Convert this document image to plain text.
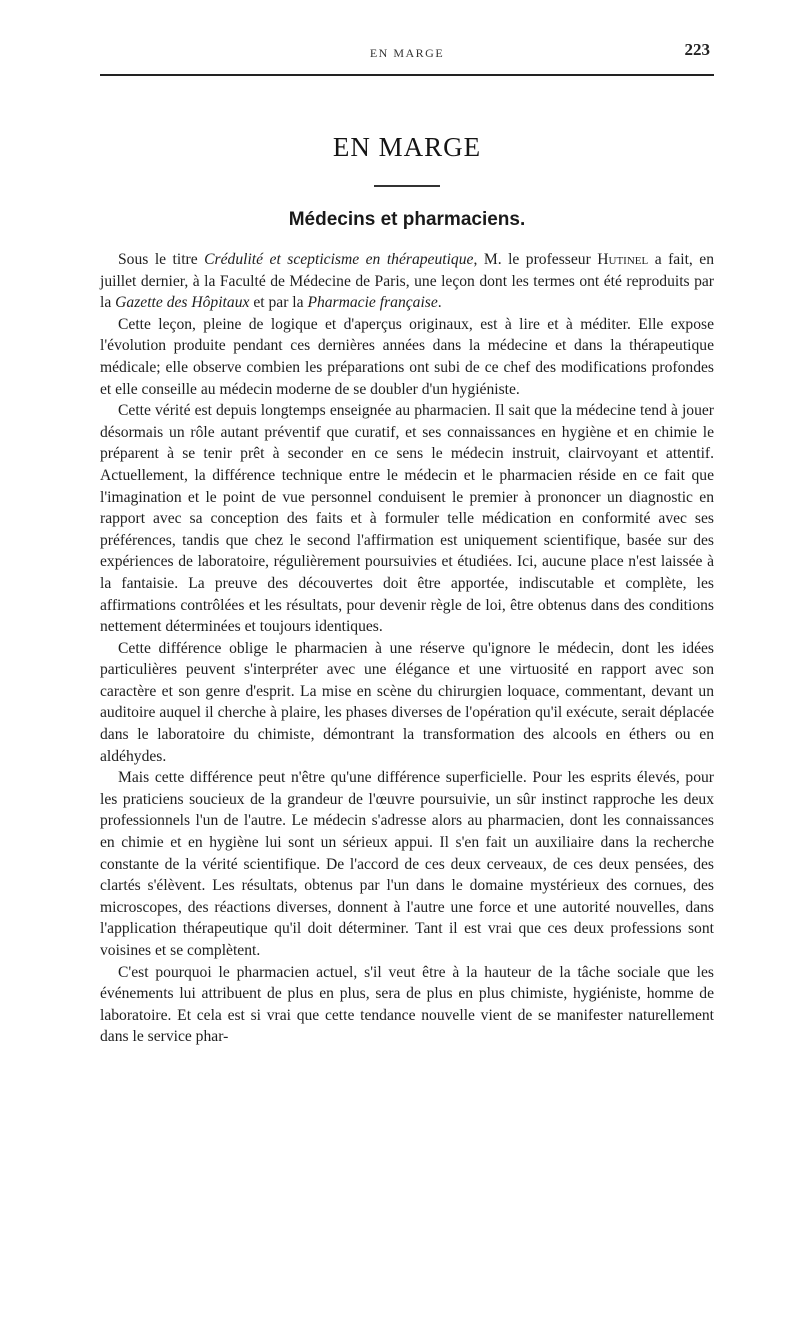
EN MARGE	223
EN MARGE
Médecins et pharmaciens.

Sous le titre Crédulité et scepticisme en thérapeutique, M. le professeur Hutinel a fait, en juillet dernier, à la Faculté de Médecine de Paris, une leçon dont les termes ont été reproduits par la Gazette des Hôpitaux et par la Pharmacie française.

Cette leçon, pleine de logique et d'aperçus originaux, est à lire et à méditer. Elle expose l'évolution produite pendant ces dernières années dans la médecine et dans la thérapeutique médicale; elle observe combien les préparations ont subi de ce chef des modifications profondes et elle conseille au médecin moderne de se doubler d'un hygiéniste.

Cette vérité est depuis longtemps enseignée au pharmacien. Il sait que la médecine tend à jouer désormais un rôle autant préventif que curatif, et ses connaissances en hygiène et en chimie le préparent à se tenir prêt à seconder en ce sens le médecin instruit, clairvoyant et attentif. Actuellement, la différence technique entre le médecin et le pharmacien réside en ce fait que l'imagination et le point de vue personnel conduisent le premier à prononcer un diagnostic en rapport avec sa conception des faits et à formuler telle médication en conformité avec ses préférences, tandis que chez le second l'affirmation est uniquement scientifique, basée sur des expériences de laboratoire, régulièrement poursuivies et étudiées. Ici, aucune place n'est laissée à la fantaisie. La preuve des découvertes doit être apportée, indiscutable et complète, les affirmations contrôlées et les résultats, pour devenir règle de loi, être obtenus dans des conditions nettement déterminées et toujours identiques.

Cette différence oblige le pharmacien à une réserve qu'ignore le médecin, dont les idées particulières peuvent s'interpréter avec une élégance et une virtuosité en rapport avec son caractère et son genre d'esprit. La mise en scène du chirurgien loquace, commentant, devant un auditoire auquel il cherche à plaire, les phases diverses de l'opération qu'il exécute, serait déplacée dans le laboratoire du chimiste, démontrant la transformation des alcools en éthers ou en aldéhydes.

Mais cette différence peut n'être qu'une différence superficielle. Pour les esprits élevés, pour les praticiens soucieux de la grandeur de l'œuvre poursuivie, un sûr instinct rapproche les deux professionnels l'un de l'autre. Le médecin s'adresse alors au pharmacien, dont les connaissances en chimie et en hygiène lui sont un sérieux appui. Il s'en fait un auxiliaire dans la recherche constante de la vérité scientifique. De l'accord de ces deux cerveaux, de ces deux pensées, des clartés s'élèvent. Les résultats, obtenus par l'un dans le domaine mystérieux des cornues, des microscopes, des réactions diverses, donnent à l'autre une force et une autorité nouvelles, dans l'application thérapeutique qu'il doit déterminer. Tant il est vrai que ces deux professions sont voisines et se complètent.

C'est pourquoi le pharmacien actuel, s'il veut être à la hauteur de la tâche sociale que les événements lui attribuent de plus en plus, sera de plus en plus chimiste, hygiéniste, homme de laboratoire. Et cela est si vrai que cette tendance nouvelle vient de se manifester naturellement dans le service phar-
